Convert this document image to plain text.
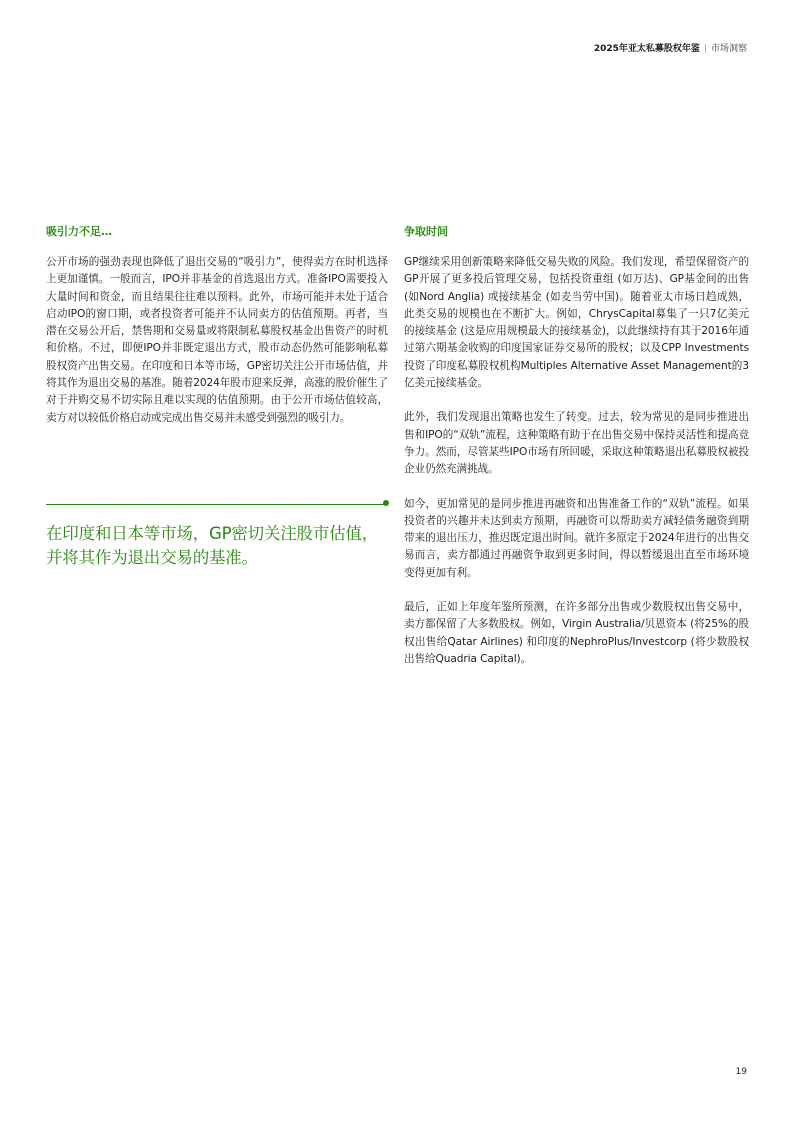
2025年亚太私募股权年鉴 | 市场洞察
吸引力不足…

公开市场的强劲表现也降低了退出交易的“吸引力”，使得卖方在时机选择上更加谨慎。一般而言，IPO并非基金的首选退出方式。准备IPO需要投入大量时间和资金，而且结果往往难以预料。此外，市场可能并未处于适合启动IPO的窗口期，或者投资者可能并不认同卖方的估值预期。再者，当潜在交易公开后，禁售期和交易量或将限制私募股权基金出售资产的时机和价格。不过，即便IPO并非既定退出方式，股市动态仍然可能影响私募股权资产出售交易。在印度和日本等市场，GP密切关注公开市场估值，并将其作为退出交易的基准。随着2024年股市迎来反弹，高涨的股价催生了对于并购交易不切实际且难以实现的估值预期。由于公开市场估值较高，卖方对以较低价格启动或完成出售交易并未感受到强烈的吸引力。

在印度和日本等市场，GP密切关注股市估值，并将其作为退出交易的基准。

争取时间

GP继续采用创新策略来降低交易失败的风险。我们发现，希望保留资产的GP开展了更多投后管理交易，包括投资重组 (如万达)、GP基金间的出售 (如Nord Anglia) 或接续基金 (如麦当劳中国)。随着亚太市场日趋成熟，此类交易的规模也在不断扩大。例如，ChrysCapital募集了一只7亿美元的接续基金 (这是应用规模最大的接续基金)，以此继续持有其于2016年通过第六期基金收购的印度国家证券交易所的股权；以及CPP Investments投资了印度私募股权机构Multiples Alternative Asset Management的3亿美元接续基金。

此外，我们发现退出策略也发生了转变。过去，较为常见的是同步推进出售和IPO的“双轨”流程，这种策略有助于在出售交易中保持灵活性和提高竞争力。然而，尽管某些IPO市场有所回暖，采取这种策略退出私募股权被投企业仍然充满挑战。

如今，更加常见的是同步推进再融资和出售准备工作的“双轨”流程。如果投资者的兴趣并未达到卖方预期，再融资可以帮助卖方减轻债务融资到期带来的退出压力，推迟既定退出时间。就许多原定于2024年进行的出售交易而言，卖方都通过再融资争取到更多时间，得以暂缓退出直至市场环境变得更加有利。

最后，正如上年度年鉴所预测，在许多部分出售或少数股权出售交易中，卖方都保留了大多数股权。例如，Virgin Australia/贝恩资本 (将25%的股权出售给Qatar Airlines) 和印度的NephroPlus/Investcorp (将少数股权出售给Quadria Capital)。

19
